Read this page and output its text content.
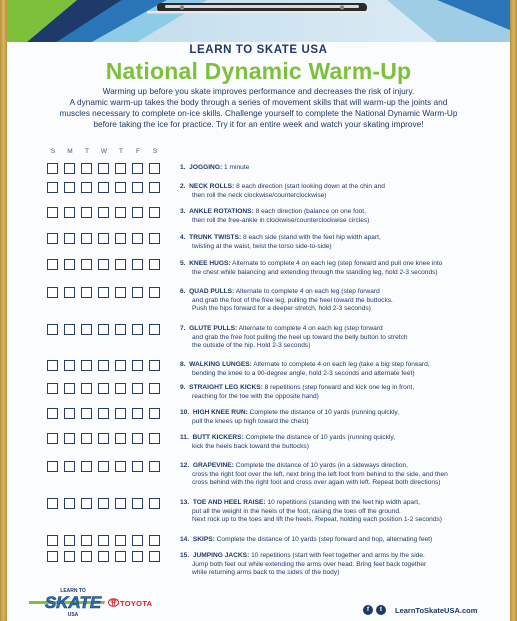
LEARN TO SKATE USA
National Dynamic Warm-Up

Warming up before you skate improves performance and decreases the risk of injury.

A dynamic warm-up takes the body through a series of movement skills that will warm-up the joints and

muscles necessary to complete on-ice skills. Challenge yourself to complete the National Dynamic Warm-Up

before taking the ice for practice. Try it for an entire week and watch your skating improve!

S	M	T	W	T	F	S
1. JOGGING: 1 minute
2. NECK ROLLS: 8 each direction (start looking down at the chin and
then roll the neck clockwise/counterclockwise)
3. ANKLE ROTATIONS: 8 each direction (balance on one foot,
then roll the free-ankle in clockwise/counterclockwise circles)
4. TRUNK TWISTS: 8 each side (stand with the feet hip width apart,
twisting at the waist, twist the torso side-to-side)
5. KNEE HUGS: Alternate to complete 4 on each leg (step forward and pull one knee into
the chest while balancing and extending through the standing leg, hold 2-3 seconds)
6. QUAD PULLS: Alternate to complete 4 on each leg (step forward
and grab the foot of the free leg, pulling the heel toward the buttocks.
Push the hips forward for a deeper stretch, hold 2-3 seconds)
7. GLUTE PULLS: Alternate to complete 4 on each leg (step forward
and grab the free foot pulling the heel up toward the belly button to stretch
the outside of the hip. Hold 2-3 seconds)
8. WALKING LUNGES: Alternate to complete 4 on each leg (take a big step forward,
bending the knee to a 90-degree angle, hold 2-3 seconds and alternate feet)
9. STRAIGHT LEG KICKS: 8 repetitions (step forward and kick one leg in front,
reaching for the toe with the opposite hand)
10. HIGH KNEE RUN: Complete the distance of 10 yards (running quickly,
pull the knees up high toward the chest)
11. BUTT KICKERS: Complete the distance of 10 yards (running quickly,
kick the heels back toward the buttocks)
12. GRAPEVINE: Complete the distance of 10 yards (in a sideways direction,
cross the right foot over the left, next bring the left foot from behind to the side, and then
cross behind with the right foot and cross over again with left. Repeat both directions)
13. TOE AND HEEL RAISE: 10 repetitions (standing with the feet hip width apart,
put all the weight in the heels of the foot, raising the toes off the ground.
Next rock up to the toes and lift the heels. Repeat, holding each position 1-2 seconds)
14. SKIPS: Complete the distance of 10 yards (step forward and hop, alternating feet)
15. JUMPING JACKS: 10 repetitions (start with feet together and arms by the side.
Jump both feet out while extending the arms over head. Bring feet back together
while returning arms back to the sides of the body)
LEARN TO
SKATE
USA
TOYOTA
f	t	LearnToSkateUSA.com
